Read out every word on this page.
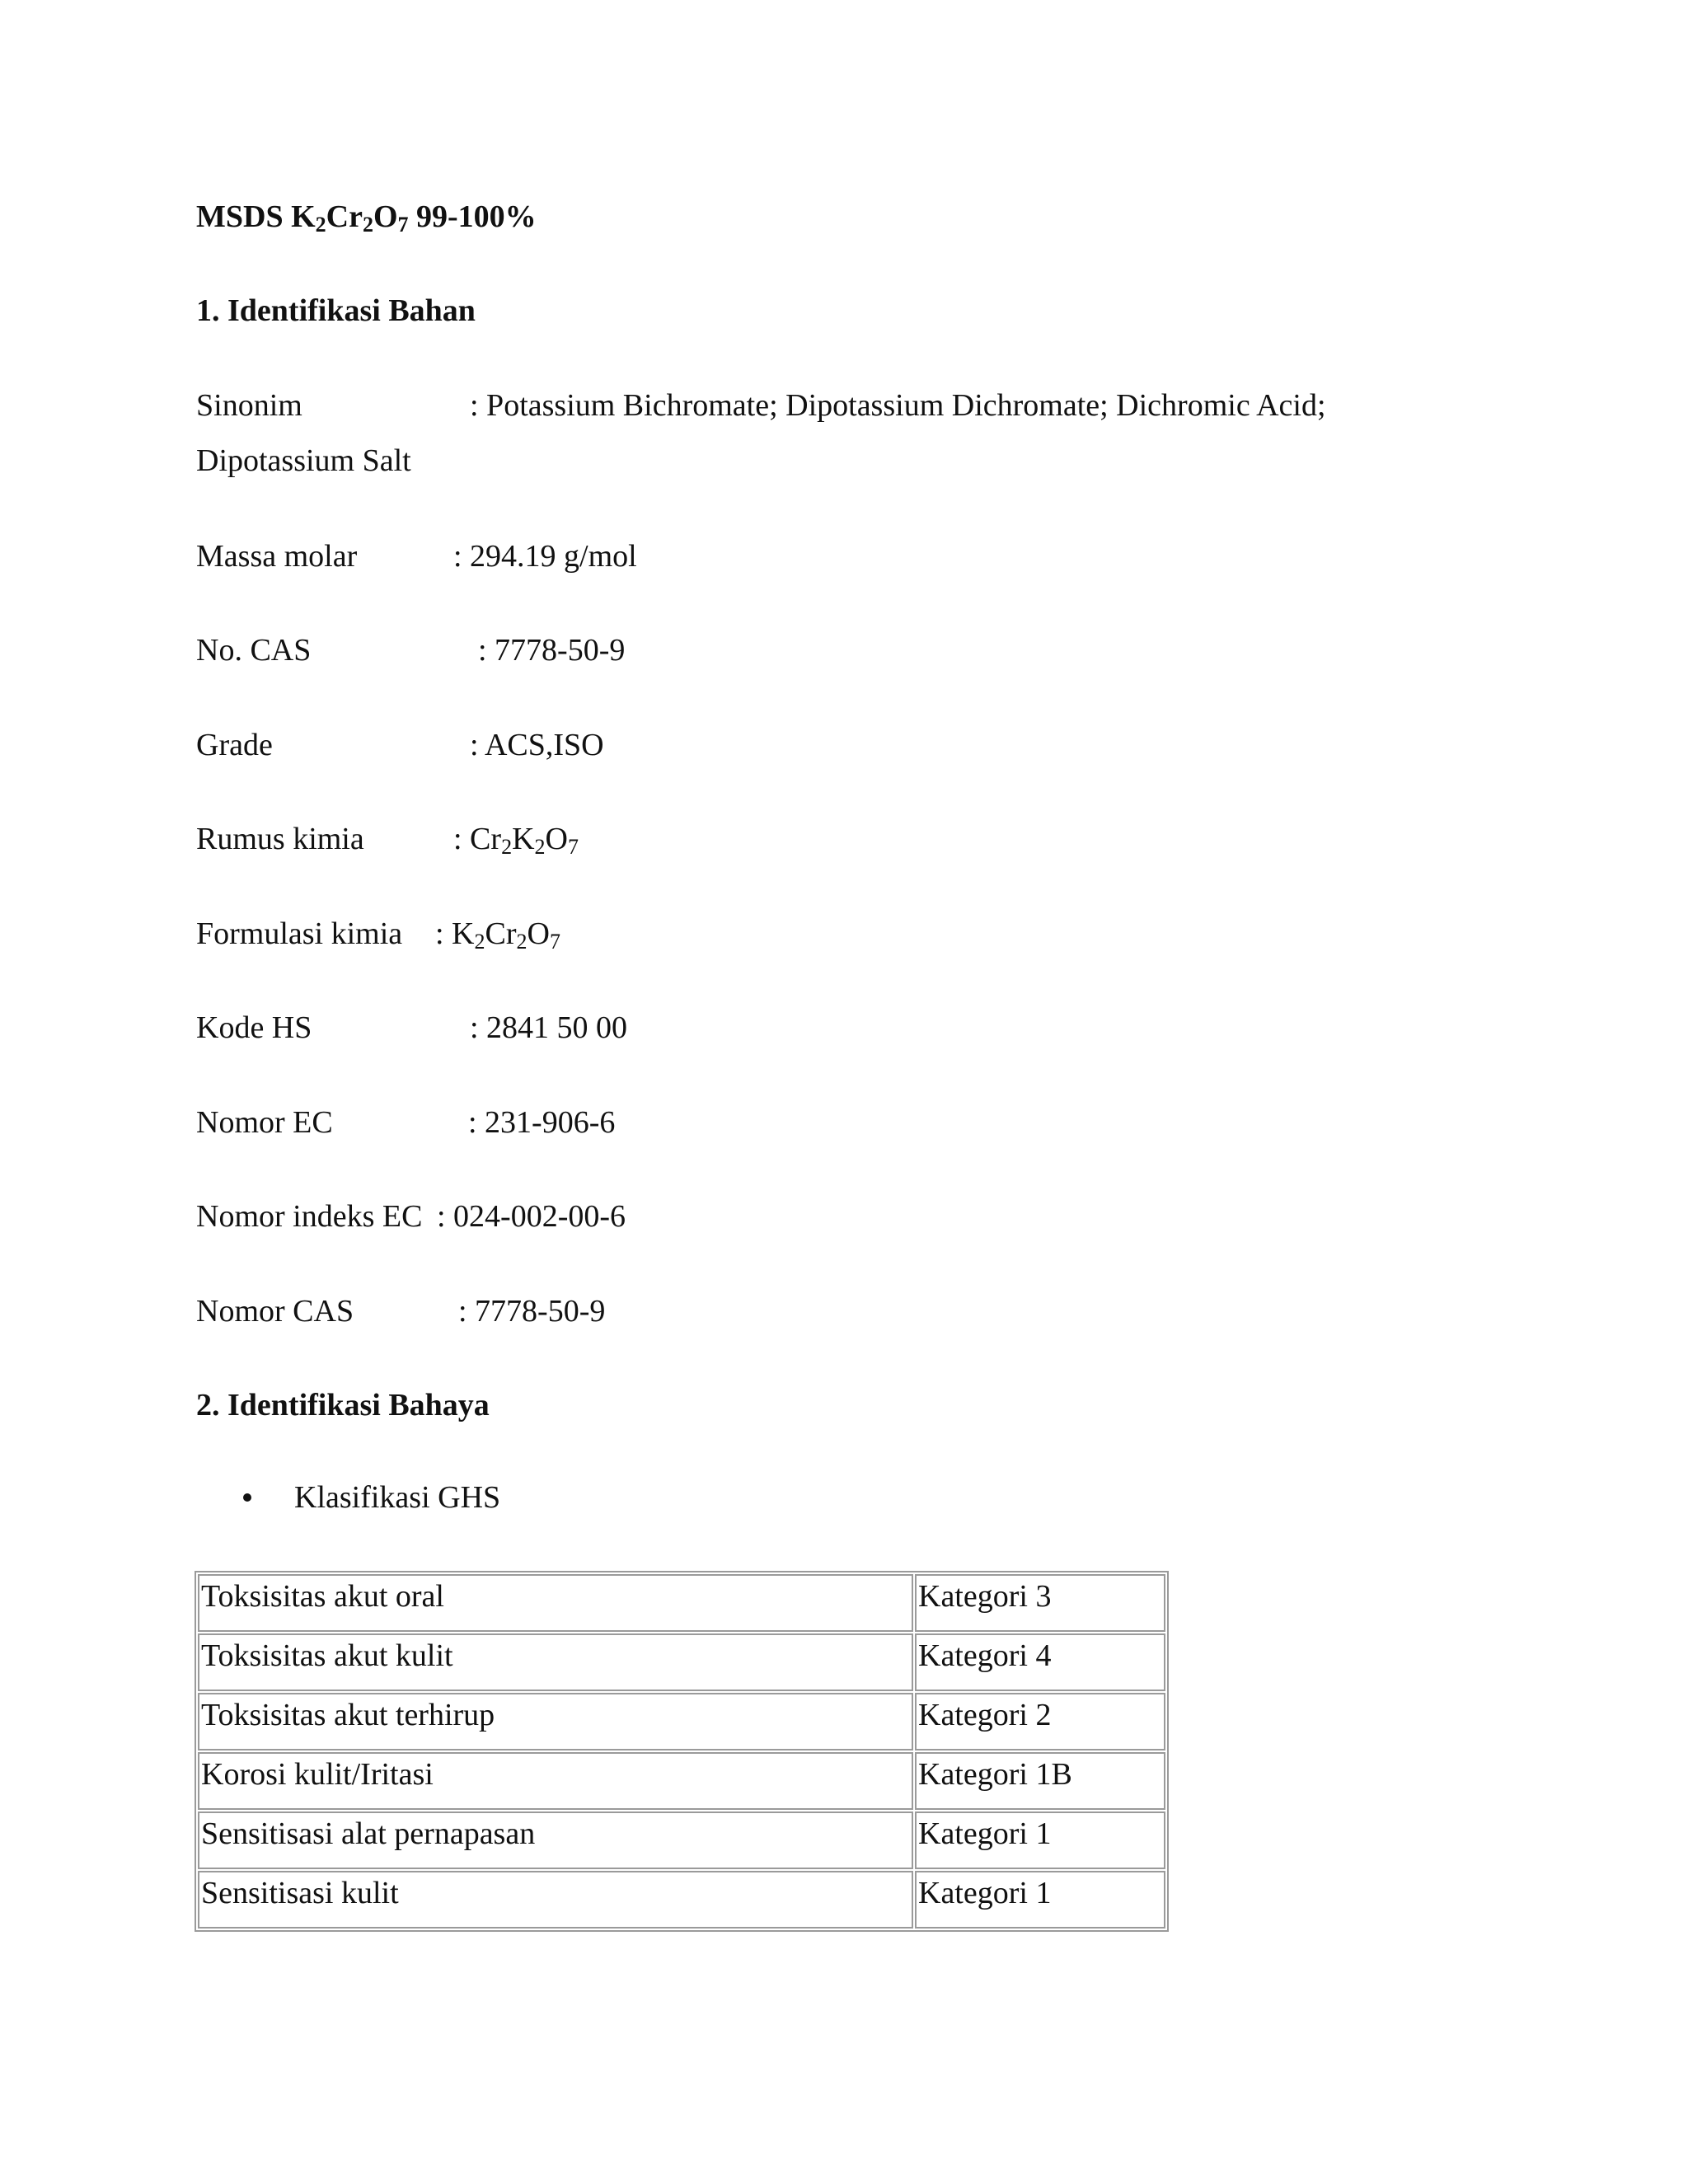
MSDS $K_2Cr_2O_7$ 99-100%
1. Identifikasi Bahan
Sinonim	: Potassium Bichromate; Dipotassium Dichromate; Dichromic Acid;
Dipotassium Salt
Massa molar	: 294.19 g/mol
No. CAS	: 7778-50-9
Grade	: ACS,ISO
Rumus kimia	: $Cr_2K_2O_7$
Formulasi kimia : $K_2Cr_2O_7$
Kode HS	: 2841 50 00
Nomor EC	: 231-906-6
Nomor indeks EC : 024-002-00-6
Nomor CAS	: 7778-50-9
2. Identifikasi Bahaya
Klasifikasi GHS
Toksisitas akut oral	Kategori 3
Toksisitas akut kulit	Kategori 4
Toksisitas akut terhirup	Kategori 2
Korosi kulit/Iritasi	Kategori 1B
Sensitisasi alat pernapasan	Kategori 1
Sensitisasi kulit	Kategori 1
